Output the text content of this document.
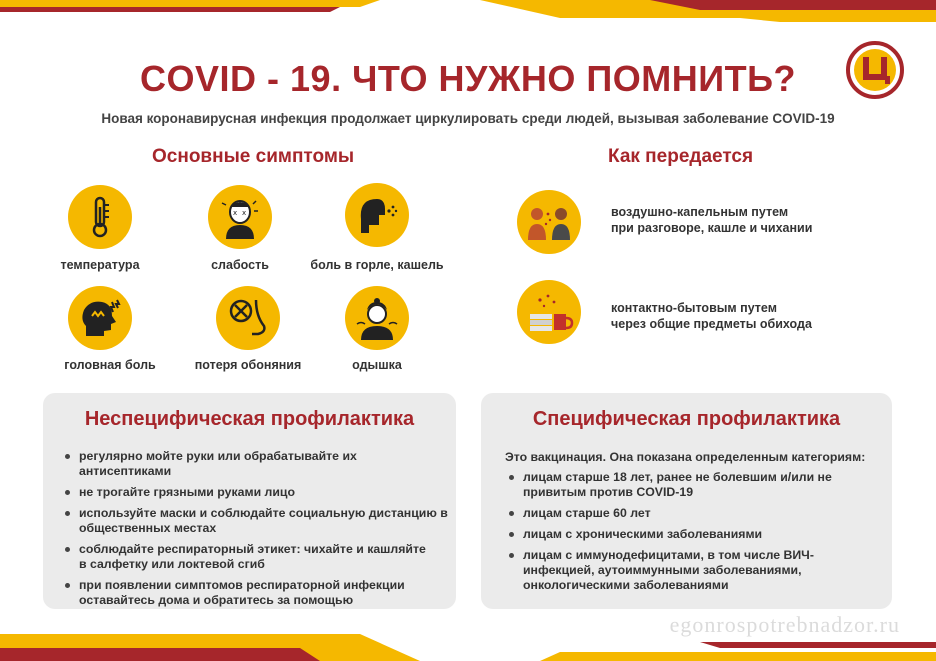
COVID - 19. ЧТО НУЖНО ПОМНИТЬ?
Новая коронавирусная инфекция продолжает циркулировать среди людей, вызывая заболевание COVID-19
Основные симптомы
температура
x x
слабость	боль в горле, кашель
головная боль	потеря обоняния	одышка
Как передается
воздушно-капельным путем
при разговоре, кашле и чихании
контактно-бытовым путем
через общие предметы обихода
Неспецифическая профилактика
регулярно мойте руки или обрабатывайте их антисептиками
не трогайте грязными руками лицо
используйте маски и соблюдайте социальную дистанцию в
общественных местах
соблюдайте респираторный этикет: чихайте и кашляйте
в салфетку или локтевой сгиб
при появлении симптомов респираторной инфекции
оставайтесь дома и обратитесь за помощью
Специфическая профилактика
Это вакцинация. Она показана определенным категориям:
лицам старше 18 лет, ранее не болевшим и/или не
привитым против COVID-19
лицам старше 60 лет
лицам с хроническими заболеваниями
лицам с иммунодефицитами, в том числе ВИЧ-
инфекцией, аутоиммунными заболеваниями,
онкологическими заболеваниями
egonrospotrebnadzor.ru
